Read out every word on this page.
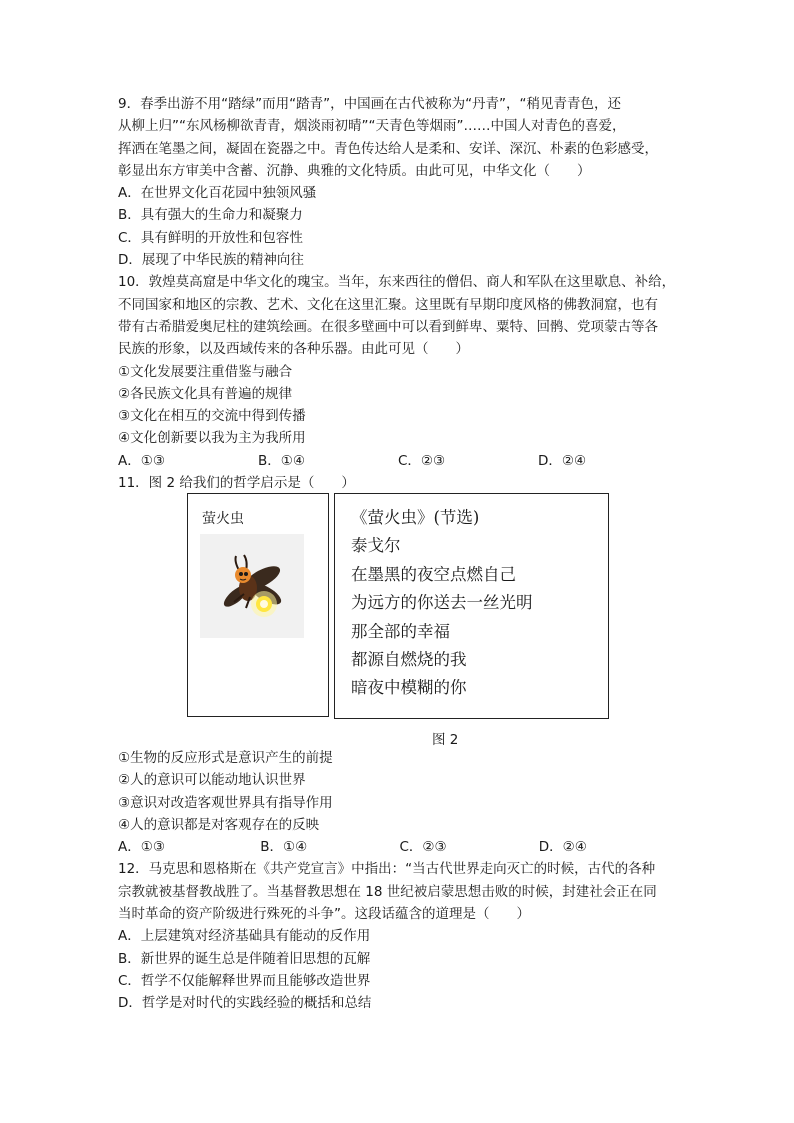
9．春季出游不用“踏绿”而用“踏青”，中国画在古代被称为“丹青”，“稍见青青色，还
从柳上归”“东风杨柳欲青青，烟淡雨初晴”“天青色等烟雨”……中国人对青色的喜爱，
挥洒在笔墨之间，凝固在瓷器之中。青色传达给人是柔和、安详、深沉、朴素的色彩感受，
彰显出东方审美中含蓄、沉静、典雅的文化特质。由此可见，中华文化（　　）
A．在世界文化百花园中独领风骚
B．具有强大的生命力和凝聚力
C．具有鲜明的开放性和包容性
D．展现了中华民族的精神向往
10．敦煌莫高窟是中华文化的瑰宝。当年，东来西往的僧侣、商人和军队在这里歇息、补给，
不同国家和地区的宗教、艺术、文化在这里汇聚。这里既有早期印度风格的佛教洞窟，也有
带有古希腊爱奥尼柱的建筑绘画。在很多壁画中可以看到鲜卑、粟特、回鹘、党项蒙古等各
民族的形象，以及西域传来的各种乐器。由此可见（　　）
①文化发展要注重借鉴与融合
②各民族文化具有普遍的规律
③文化在相互的交流中得到传播
④文化创新要以我为主为我所用
A．①③	B．①④	C．②③	D．②④
11．图 2 给我们的哲学启示是（　　）
萤火虫	《萤火虫》(节选)
泰戈尔
在墨黑的夜空点燃自己
为远方的你送去一丝光明
那全部的幸福
都源自燃烧的我
暗夜中模糊的你
图 2
①生物的反应形式是意识产生的前提
②人的意识可以能动地认识世界
③意识对改造客观世界具有指导作用
④人的意识都是对客观存在的反映
A．①③	B．①④	C．②③	D．②④
12．马克思和恩格斯在《共产党宣言》中指出：“当古代世界走向灭亡的时候，古代的各种
宗教就被基督教战胜了。当基督教思想在 18 世纪被启蒙思想击败的时候，封建社会正在同
当时革命的资产阶级进行殊死的斗争”。这段话蕴含的道理是（　　）
A．上层建筑对经济基础具有能动的反作用
B．新世界的诞生总是伴随着旧思想的瓦解
C．哲学不仅能解释世界而且能够改造世界
D．哲学是对时代的实践经验的概括和总结
